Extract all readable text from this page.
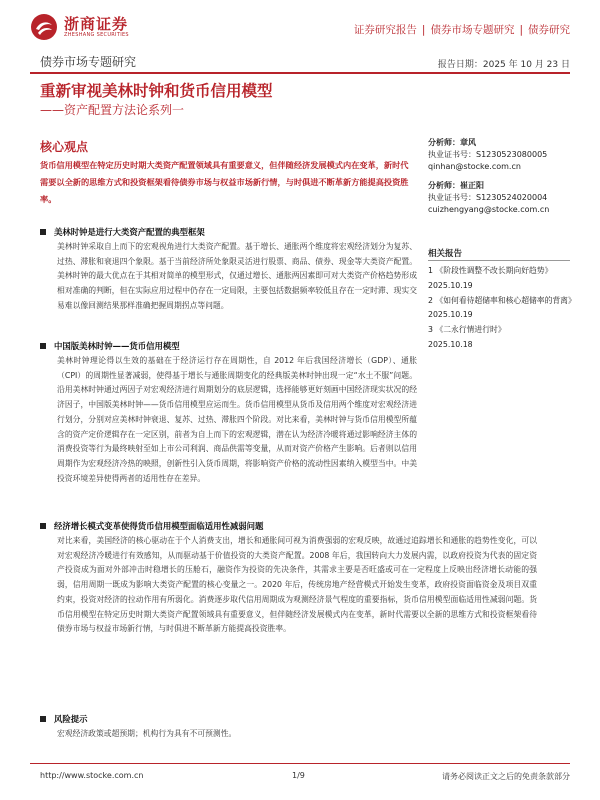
浙商证券
ZHESHANG SECURITIES	证券研究报告 | 债券市场专题研究 | 债券研究
债券市场专题研究	报告日期：2025 年 10 月 23 日
重新审视美林时钟和货币信用模型
——资产配置方法论系列一
核心观点
货币信用模型在特定历史时期大类资产配置领域具有重要意义，但伴随经济发展模式内在变革，新时代需要以全新的思维方式和投资框架看待债券市场与权益市场新行情，与时俱进不断革新方能提高投资胜率。
分析师：章风
执业证书号：S1230523080005
qinhan@stocke.com.cn
分析师：崔正阳
执业证书号：S1230524020004
cuizhengyang@stocke.com.cn
相关报告
1 《阶段性调整不改长期向好趋势》 2025.10.19
2 《如何看待超储率和核心超储率的背离》 2025.10.19
3 《二永行情进行时》
2025.10.18
美林时钟是进行大类资产配置的典型框架
美林时钟采取自上而下的宏观视角进行大类资产配置。基于增长、通胀两个维度将宏观经济划分为复苏、过热、滞胀和衰退四个象限。基于当前经济所处象限灵活进行股票、商品、债券、现金等大类资产配置。美林时钟的最大优点在于其相对简单的模型形式，仅通过增长、通胀两因素即可对大类资产价格趋势形成相对准确的判断，但在实际应用过程中仍存在一定局限，主要包括数据频率较低且存在一定时滞、现实交易难以像回测结果那样准确把握周期拐点等问题。
中国版美林时钟——货币信用模型
美林时钟理论得以生效的基础在于经济运行存在周期性，自 2012 年后我国经济增长（GDP）、通胀（CPI）的周期性显著减弱，使得基于增长与通胀周期变化的经典版美林时钟出现一定“水土不服”问题。沿用美林时钟通过两因子对宏观经济进行周期划分的底层逻辑，选择能够更好刻画中国经济现实状况的经济因子，中国版美林时钟——货币信用模型应运而生。货币信用模型从货币及信用两个维度对宏观经济进行划分，分别对应美林时钟衰退、复苏、过热、滞胀四个阶段。对比来看，美林时钟与货币信用模型所蕴含的资产定价逻辑存在一定区别，前者为自上而下的宏观逻辑，潜在认为经济冷暖将通过影响经济主体的消费投资等行为最终映射至如上市公司利润、商品供需等变量，从而对资产价格产生影响。后者则以信用周期作为宏观经济冷热的映照，创新性引入货币周期，将影响资产价格的流动性因素纳入模型当中。中美投资环境差异使得两者的适用性存在差异。
经济增长模式变革使得货币信用模型面临适用性减弱问题
对比来看，美国经济的核心驱动在于个人消费支出，增长和通胀间可视为消费强弱的宏观反映，故通过追踪增长和通胀的趋势性变化，可以对宏观经济冷暖进行有效感知，从而驱动基于价值投资的大类资产配置。2008 年后，我国转向大力发展内需，以政府投资为代表的固定资产投资成为面对外部冲击时稳增长的压舱石，融资作为投资的先决条件，其需求主要是否旺盛或可在一定程度上反映出经济增长动能的强弱，信用周期一既成为影响大类资产配置的核心变量之一。2020 年后，传统房地产经营模式开始发生变革，政府投资面临资金及项目双重约束，投资对经济的拉动作用有所弱化。消费逐步取代信用周期成为观测经济景气程度的重要指标，货币信用模型面临适用性减弱问题。货币信用模型在特定历史时期大类资产配置领域具有重要意义，但伴随经济发展模式内在变革，新时代需要以全新的思维方式和投资框架看待债券市场与权益市场新行情，与时俱进不断革新方能提高投资胜率。
风险提示
宏观经济政策或超预期；机构行为具有不可预测性。
http://www.stocke.com.cn	1/9	请务必阅读正文之后的免责条款部分
